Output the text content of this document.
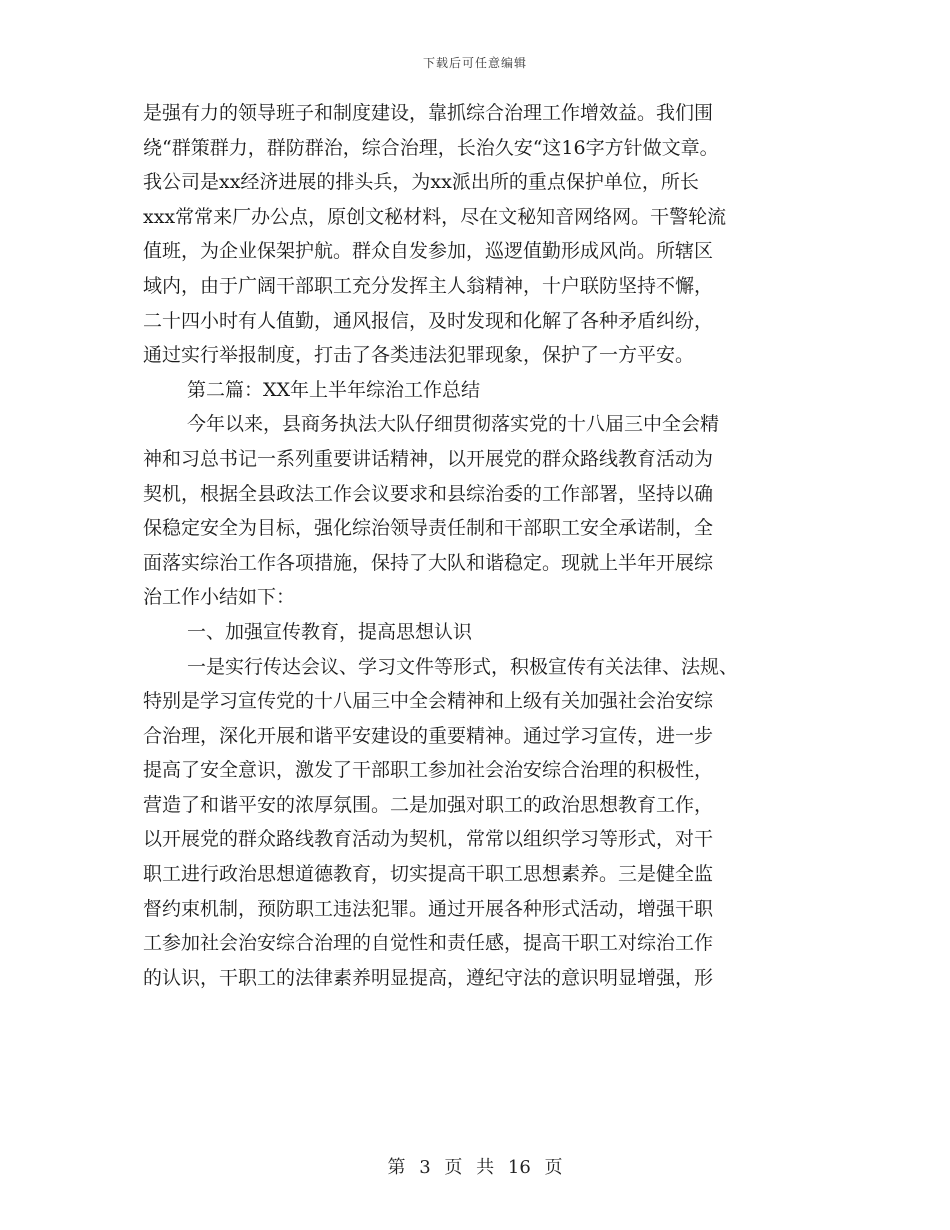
下载后可任意编辑
是强有力的领导班子和制度建设，靠抓综合治理工作增效益。我们围
绕“群策群力，群防群治，综合治理，长治久安“这16字方针做文章。
我公司是xx经济进展的排头兵，为xx派出所的重点保护单位，所长
xxx常常来厂办公点，原创文秘材料，尽在文秘知音网络网。干警轮流
值班，为企业保架护航。群众自发参加，巡逻值勤形成风尚。所辖区
域内，由于广阔干部职工充分发挥主人翁精神，十户联防坚持不懈，
二十四小时有人值勤，通风报信，及时发现和化解了各种矛盾纠纷，
通过实行举报制度，打击了各类违法犯罪现象，保护了一方平安。
第二篇：XX年上半年综治工作总结
今年以来，县商务执法大队仔细贯彻落实党的十八届三中全会精
神和习总书记一系列重要讲话精神，以开展党的群众路线教育活动为
契机，根据全县政法工作会议要求和县综治委的工作部署，坚持以确
保稳定安全为目标，强化综治领导责任制和干部职工安全承诺制，全
面落实综治工作各项措施，保持了大队和谐稳定。现就上半年开展综
治工作小结如下：
一、加强宣传教育，提高思想认识
一是实行传达会议、学习文件等形式，积极宣传有关法律、法规、
特别是学习宣传党的十八届三中全会精神和上级有关加强社会治安综
合治理，深化开展和谐平安建设的重要精神。通过学习宣传，进一步
提高了安全意识，激发了干部职工参加社会治安综合治理的积极性，
营造了和谐平安的浓厚氛围。二是加强对职工的政治思想教育工作，
以开展党的群众路线教育活动为契机，常常以组织学习等形式，对干
职工进行政治思想道德教育，切实提高干职工思想素养。三是健全监
督约束机制，预防职工违法犯罪。通过开展各种形式活动，增强干职
工参加社会治安综合治理的自觉性和责任感，提高干职工对综治工作
的认识，干职工的法律素养明显提高，遵纪守法的意识明显增强，形
第 3 页 共 16 页
